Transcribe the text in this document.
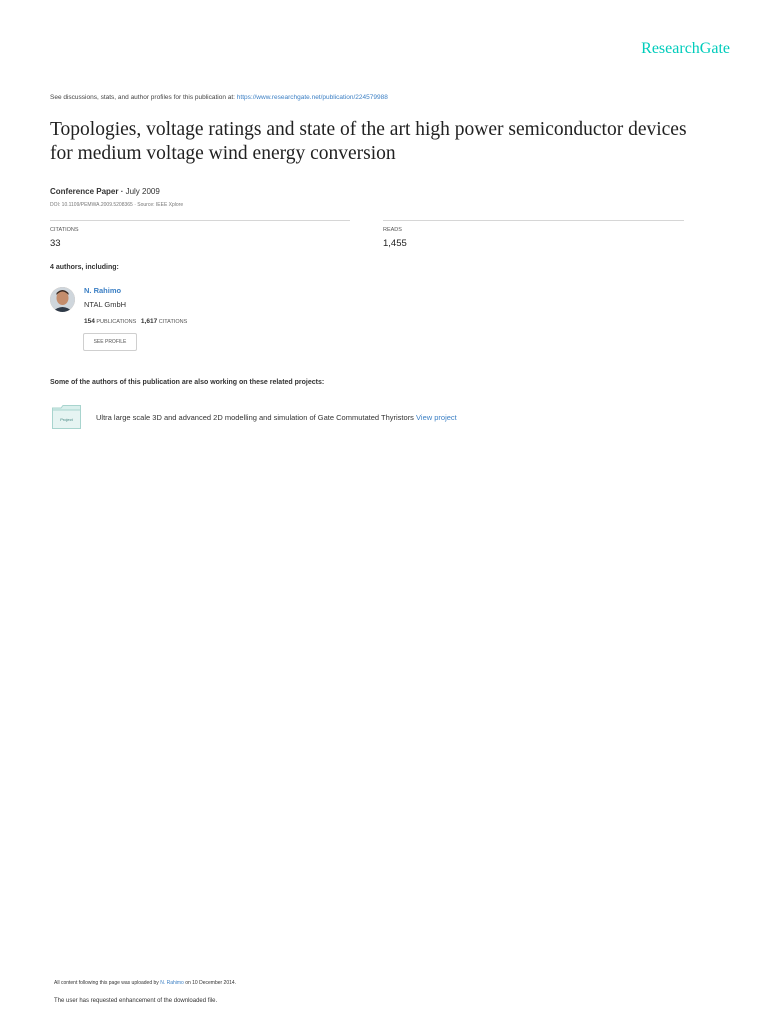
ResearchGate
See discussions, stats, and author profiles for this publication at: https://www.researchgate.net/publication/224579988
Topologies, voltage ratings and state of the art high power semiconductor devices for medium voltage wind energy conversion
Conference Paper · July 2009
DOI: 10.1109/PEMWA.2009.5208365 · Source: IEEE Xplore
CITATIONS
33
READS
1,455
4 authors, including:
N. Rahimo
NTAL GmbH
154 PUBLICATIONS 1,617 CITATIONS
SEE PROFILE
Some of the authors of this publication are also working on these related projects:
Project	Ultra large scale 3D and advanced 2D modelling and simulation of Gate Commutated Thyristors View project
All content following this page was uploaded by N. Rahimo on 10 December 2014.
The user has requested enhancement of the downloaded file.
